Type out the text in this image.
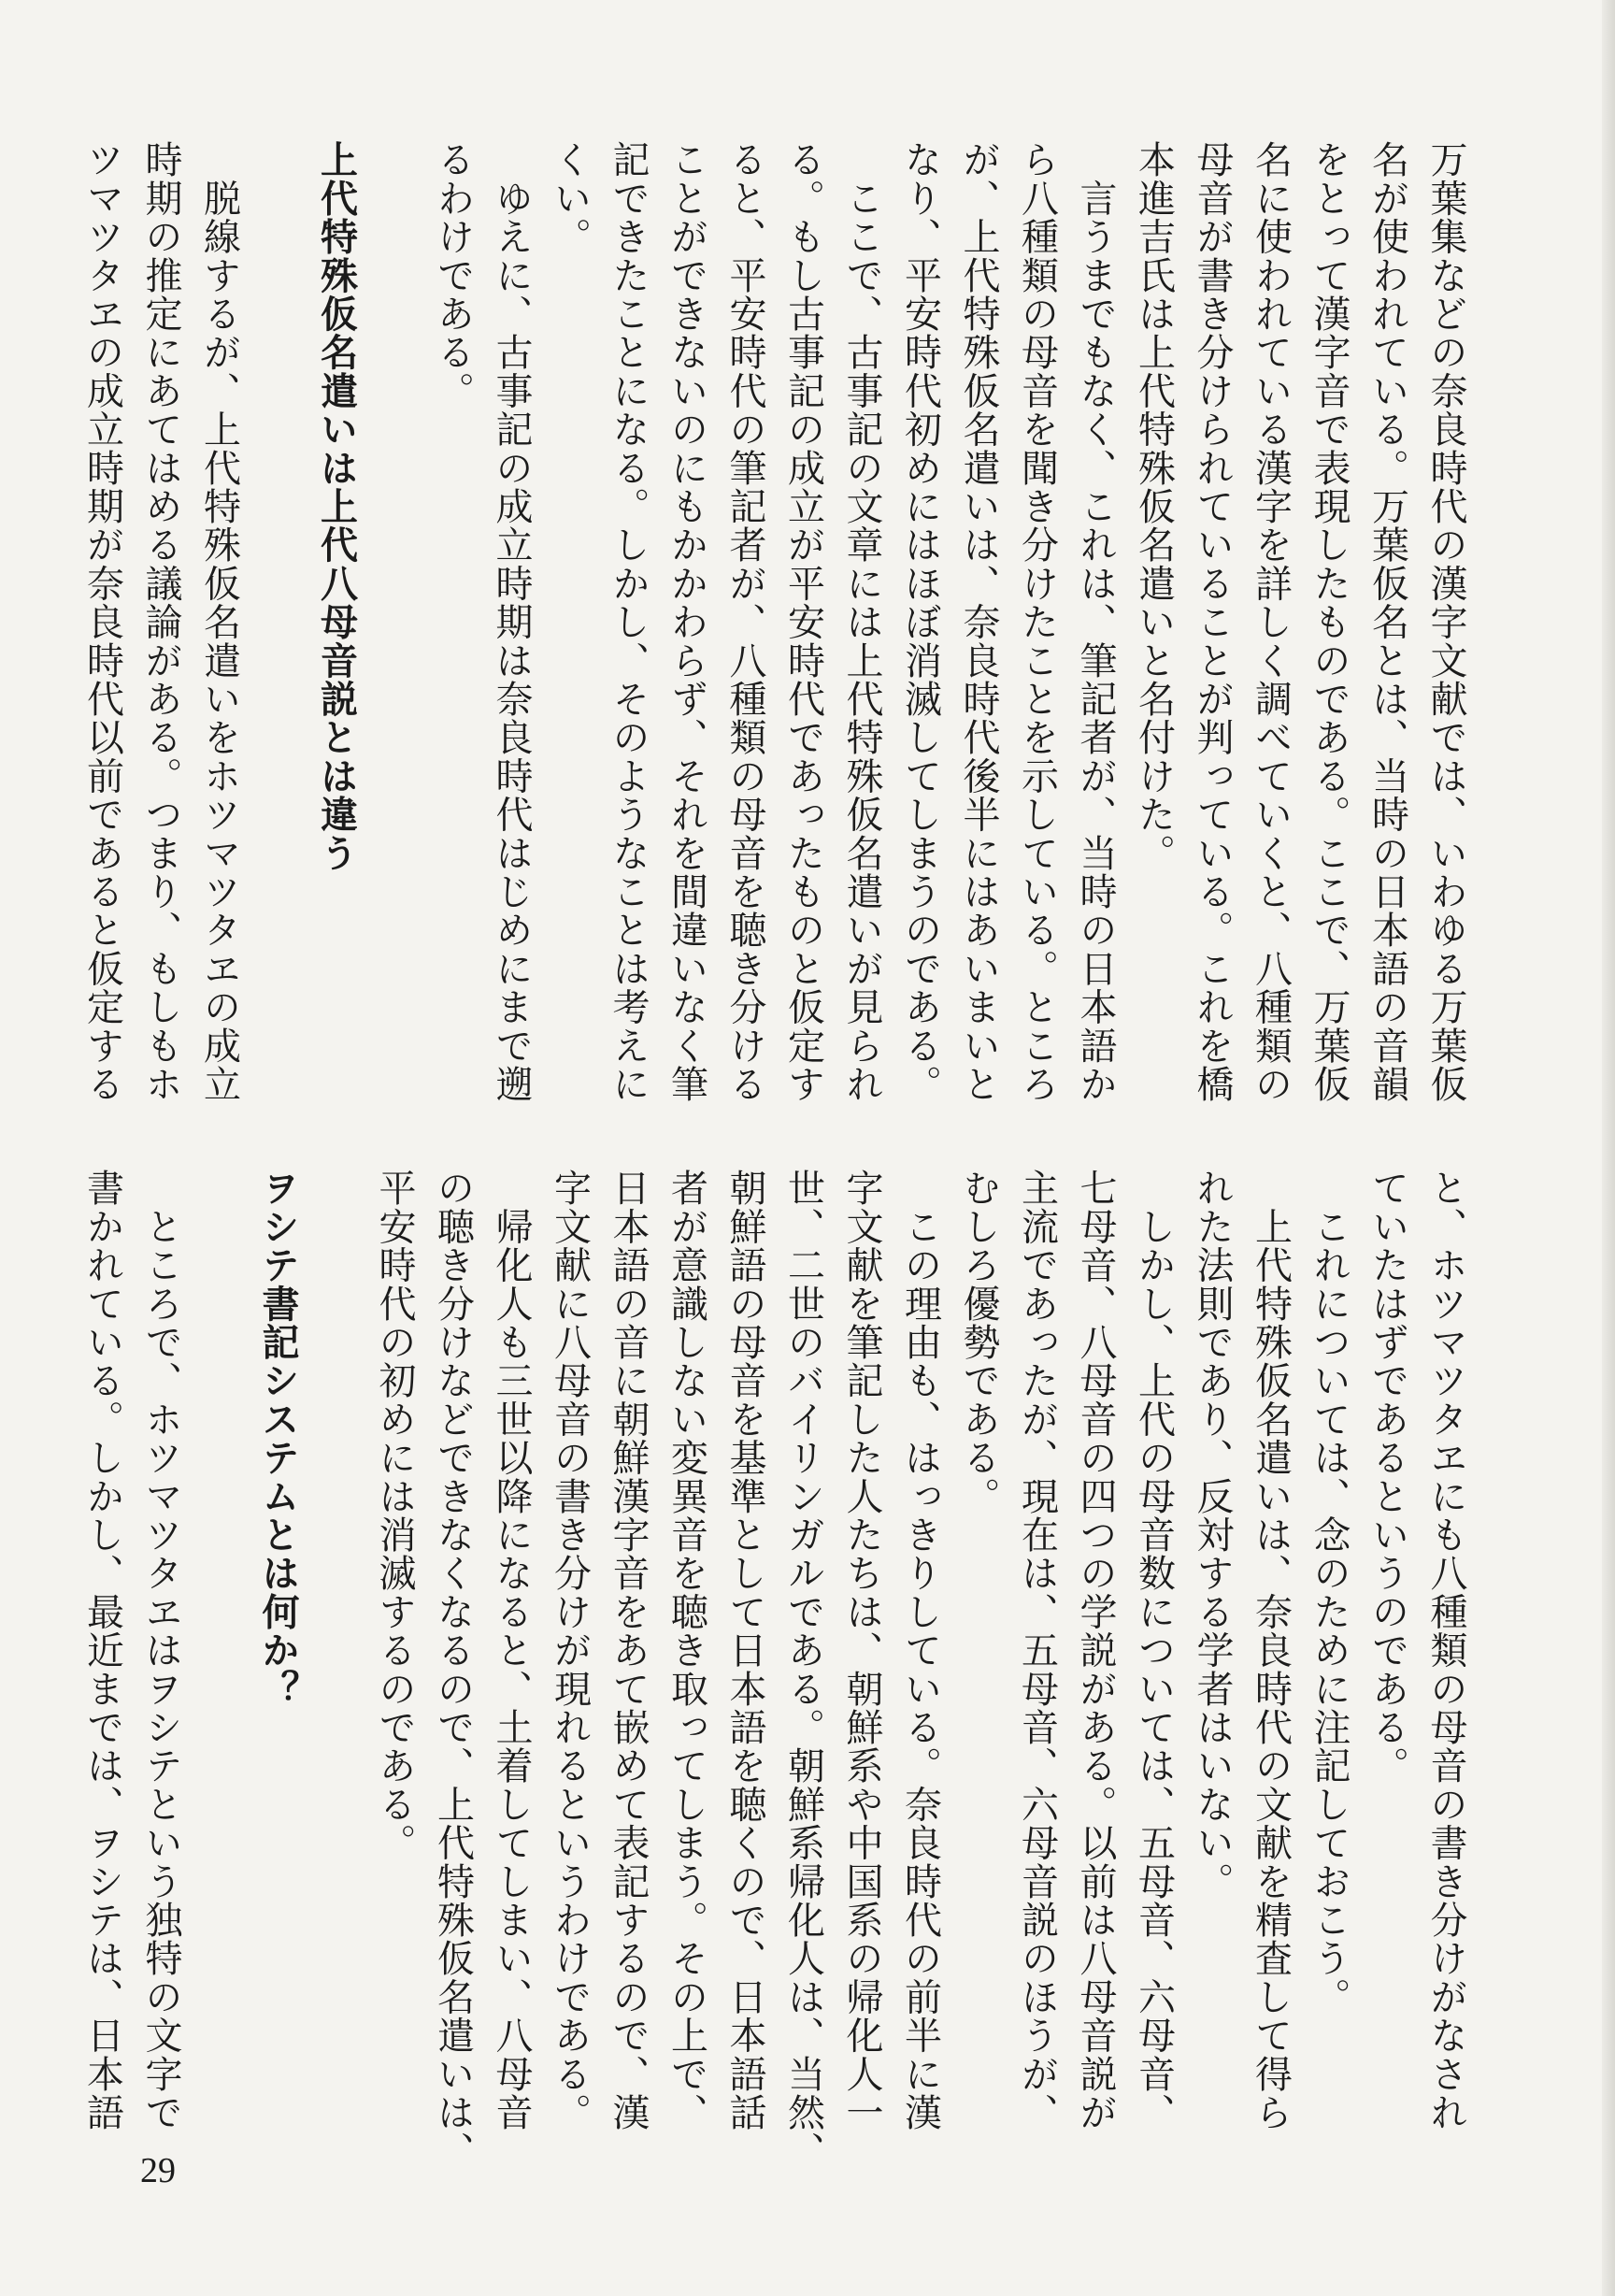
万葉集などの奈良時代の漢字文献では、いわゆる万葉仮
名が使われている。万葉仮名とは、当時の日本語の音韻
をとって漢字音で表現したものである。ここで、万葉仮
名に使われている漢字を詳しく調べていくと、八種類の
母音が書き分けられていることが判っている。これを橋
本進吉氏は上代特殊仮名遣いと名付けた。
　言うまでもなく、これは、筆記者が、当時の日本語か
ら八種類の母音を聞き分けたことを示している。ところ
が、上代特殊仮名遣いは、奈良時代後半にはあいまいと
なり、平安時代初めにはほぼ消滅してしまうのである。
　ここで、古事記の文章には上代特殊仮名遣いが見られ
る。もし古事記の成立が平安時代であったものと仮定す
ると、平安時代の筆記者が、八種類の母音を聴き分ける
ことができないのにもかかわらず、それを間違いなく筆
記できたことになる。しかし、そのようなことは考えに
くい。
　ゆえに、古事記の成立時期は奈良時代はじめにまで遡
るわけである。
上代特殊仮名遣いは上代八母音説とは違う
　脱線するが、上代特殊仮名遣いをホツマツタヱの成立
時期の推定にあてはめる議論がある。つまり、もしもホ
ツマツタヱの成立時期が奈良時代以前であると仮定する
と、ホツマツタヱにも八種類の母音の書き分けがなされ
ていたはずであるというのである。
　これについては、念のために注記しておこう。
　上代特殊仮名遣いは、奈良時代の文献を精査して得ら
れた法則であり、反対する学者はいない。
　しかし、上代の母音数については、五母音、六母音、
七母音、八母音の四つの学説がある。以前は八母音説が
主流であったが、現在は、五母音、六母音説のほうが、
むしろ優勢である。
　この理由も、はっきりしている。奈良時代の前半に漢
字文献を筆記した人たちは、朝鮮系や中国系の帰化人一
世、二世のバイリンガルである。朝鮮系帰化人は、当然、
朝鮮語の母音を基準として日本語を聴くので、日本語話
者が意識しない変異音を聴き取ってしまう。その上で、
日本語の音に朝鮮漢字音をあて嵌めて表記するので、漢
字文献に八母音の書き分けが現れるというわけである。
　帰化人も三世以降になると、土着してしまい、八母音
の聴き分けなどできなくなるので、上代特殊仮名遣いは、
平安時代の初めには消滅するのである。
ヲシテ書記システムとは何か？
　ところで、ホツマツタヱはヲシテという独特の文字で
書かれている。しかし、最近までは、ヲシテは、日本語
29
